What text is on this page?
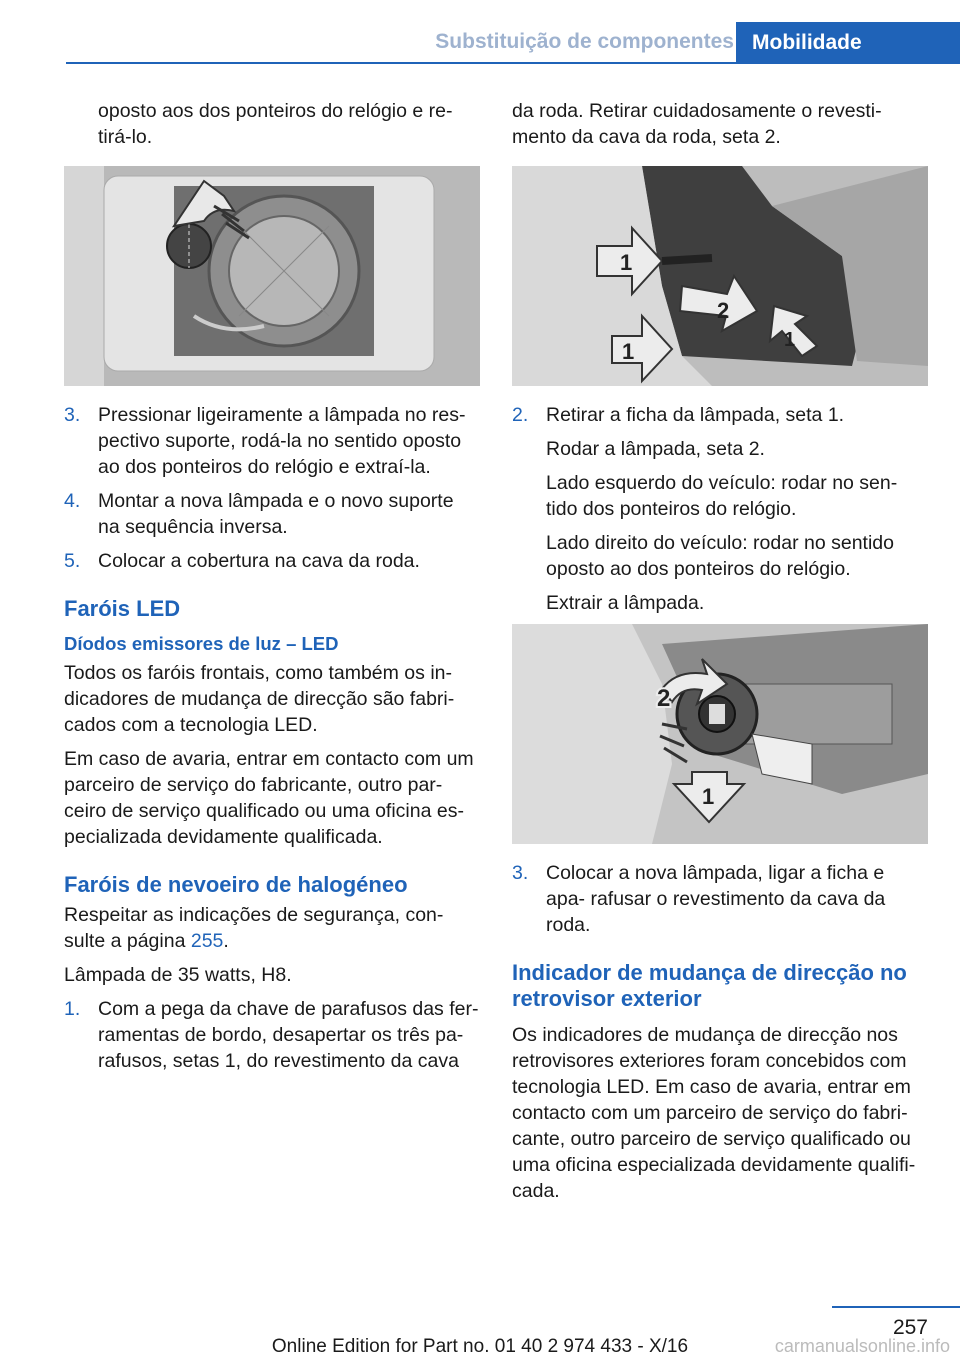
Substituição de componentes Mobilidade

oposto aos dos ponteiros do relógio e re‐ tirá-lo.

3. Pressionar ligeiramente a lâmpada no res‐ pectivo suporte, rodá-la no sentido oposto ao dos ponteiros do relógio e extraí-la.
4. Montar a nova lâmpada e o novo suporte na sequência inversa.
5. Colocar a cobertura na cava da roda.
Faróis LED
Díodos emissores de luz – LED

Todos os faróis frontais, como também os in‐ dicadores de mudança de direcção são fabri‐ cados com a tecnologia LED.

Em caso de avaria, entrar em contacto com um parceiro de serviço do fabricante, outro par‐ ceiro de serviço qualificado ou uma oficina es‐ pecializada devidamente qualificada.

Faróis de nevoeiro de halogéneo

Respeitar as indicações de segurança, con‐ sulte a página 255.

Lâmpada de 35 watts, H8.

1. Com a pega da chave de parafusos das fer‐ ramentas de bordo, desapertar os três pa‐ rafusos, setas 1, do revestimento da cava

da roda. Retirar cuidadosamente o revesti‐ mento da cava da roda, seta 2.

1
2
1	1
2. Retirar a ficha da lâmpada, seta 1.

Rodar a lâmpada, seta 2.

Lado esquerdo do veículo: rodar no sen‐ tido dos ponteiros do relógio.

Lado direito do veículo: rodar no sentido oposto ao dos ponteiros do relógio.

Extrair a lâmpada.

2
1
3. Colocar a nova lâmpada, ligar a ficha e apa‐ rafusar o revestimento da cava da roda.
Indicador de mudança de direcção no retrovisor exterior

Os indicadores de mudança de direcção nos retrovisores exteriores foram concebidos com tecnologia LED. Em caso de avaria, entrar em contacto com um parceiro de serviço do fabri‐ cante, outro parceiro de serviço qualificado ou uma oficina especializada devidamente qualifi‐ cada.

257
Online Edition for Part no. 01 40 2 974 433 - X/16	carmanualsonline.info
